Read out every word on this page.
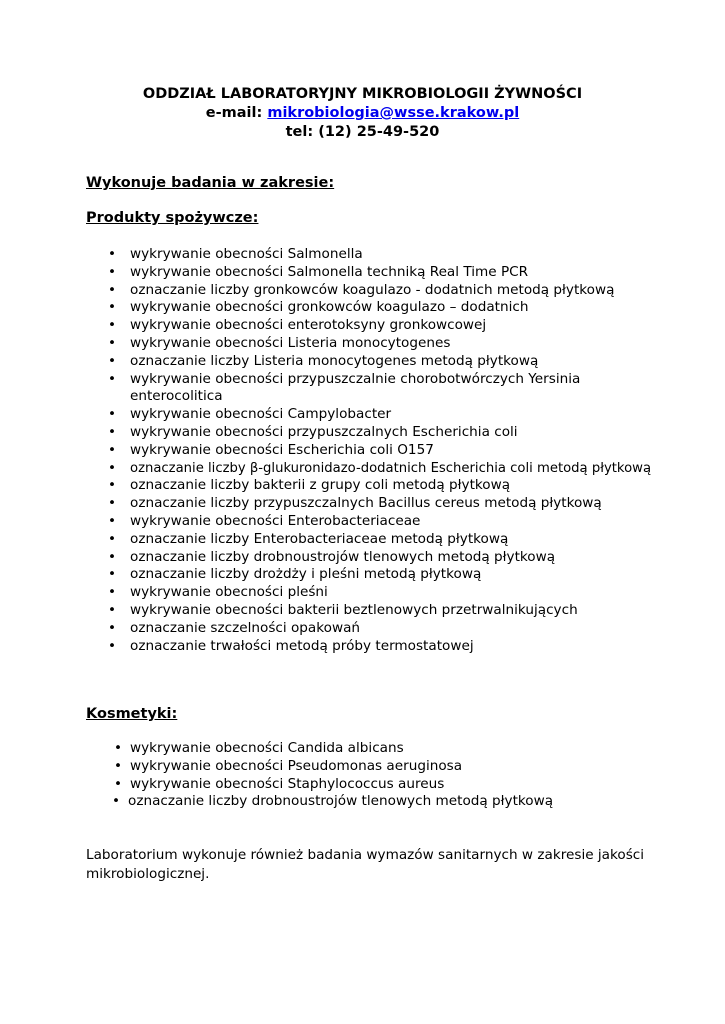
ODDZIAŁ LABORATORYJNY MIKROBIOLOGII ŻYWNOŚCI
e-mail: mikrobiologia@wsse.krakow.pl
tel: (12) 25-49-520
Wykonuje badania w zakresie:
Produkty spożywcze:
•	wykrywanie obecności Salmonella
•	wykrywanie obecności Salmonella techniką Real Time PCR
•	oznaczanie liczby gronkowców koagulazo - dodatnich metodą płytkową
•	wykrywanie obecności gronkowców koagulazo – dodatnich
•	wykrywanie obecności enterotoksyny gronkowcowej
•	wykrywanie obecności Listeria monocytogenes
•	oznaczanie liczby Listeria monocytogenes metodą płytkową
•	wykrywanie obecności przypuszczalnie chorobotwórczych Yersinia enterocolitica
•	wykrywanie obecności Campylobacter
•	wykrywanie obecności przypuszczalnych Escherichia coli
•	wykrywanie obecności Escherichia coli O157
•	oznaczanie liczby β-glukuronidazo-dodatnich Escherichia coli metodą płytkową
•	oznaczanie liczby bakterii z grupy coli metodą płytkową
•	oznaczanie liczby przypuszczalnych Bacillus cereus metodą płytkową
•	wykrywanie obecności Enterobacteriaceae
•	oznaczanie liczby Enterobacteriaceae metodą płytkową
•	oznaczanie liczby drobnoustrojów tlenowych metodą płytkową
•	oznaczanie liczby drożdży i pleśni metodą płytkową
•	wykrywanie obecności pleśni
•	wykrywanie obecności bakterii beztlenowych przetrwalnikujących
•	oznaczanie szczelności opakowań
•	oznaczanie trwałości metodą próby termostatowej
Kosmetyki:
• wykrywanie obecności Candida albicans
• wykrywanie obecności Pseudomonas aeruginosa
• wykrywanie obecności Staphylococcus aureus
• oznaczanie liczby drobnoustrojów tlenowych metodą płytkową
Laboratorium wykonuje również badania wymazów sanitarnych w zakresie jakości mikrobiologicznej.
